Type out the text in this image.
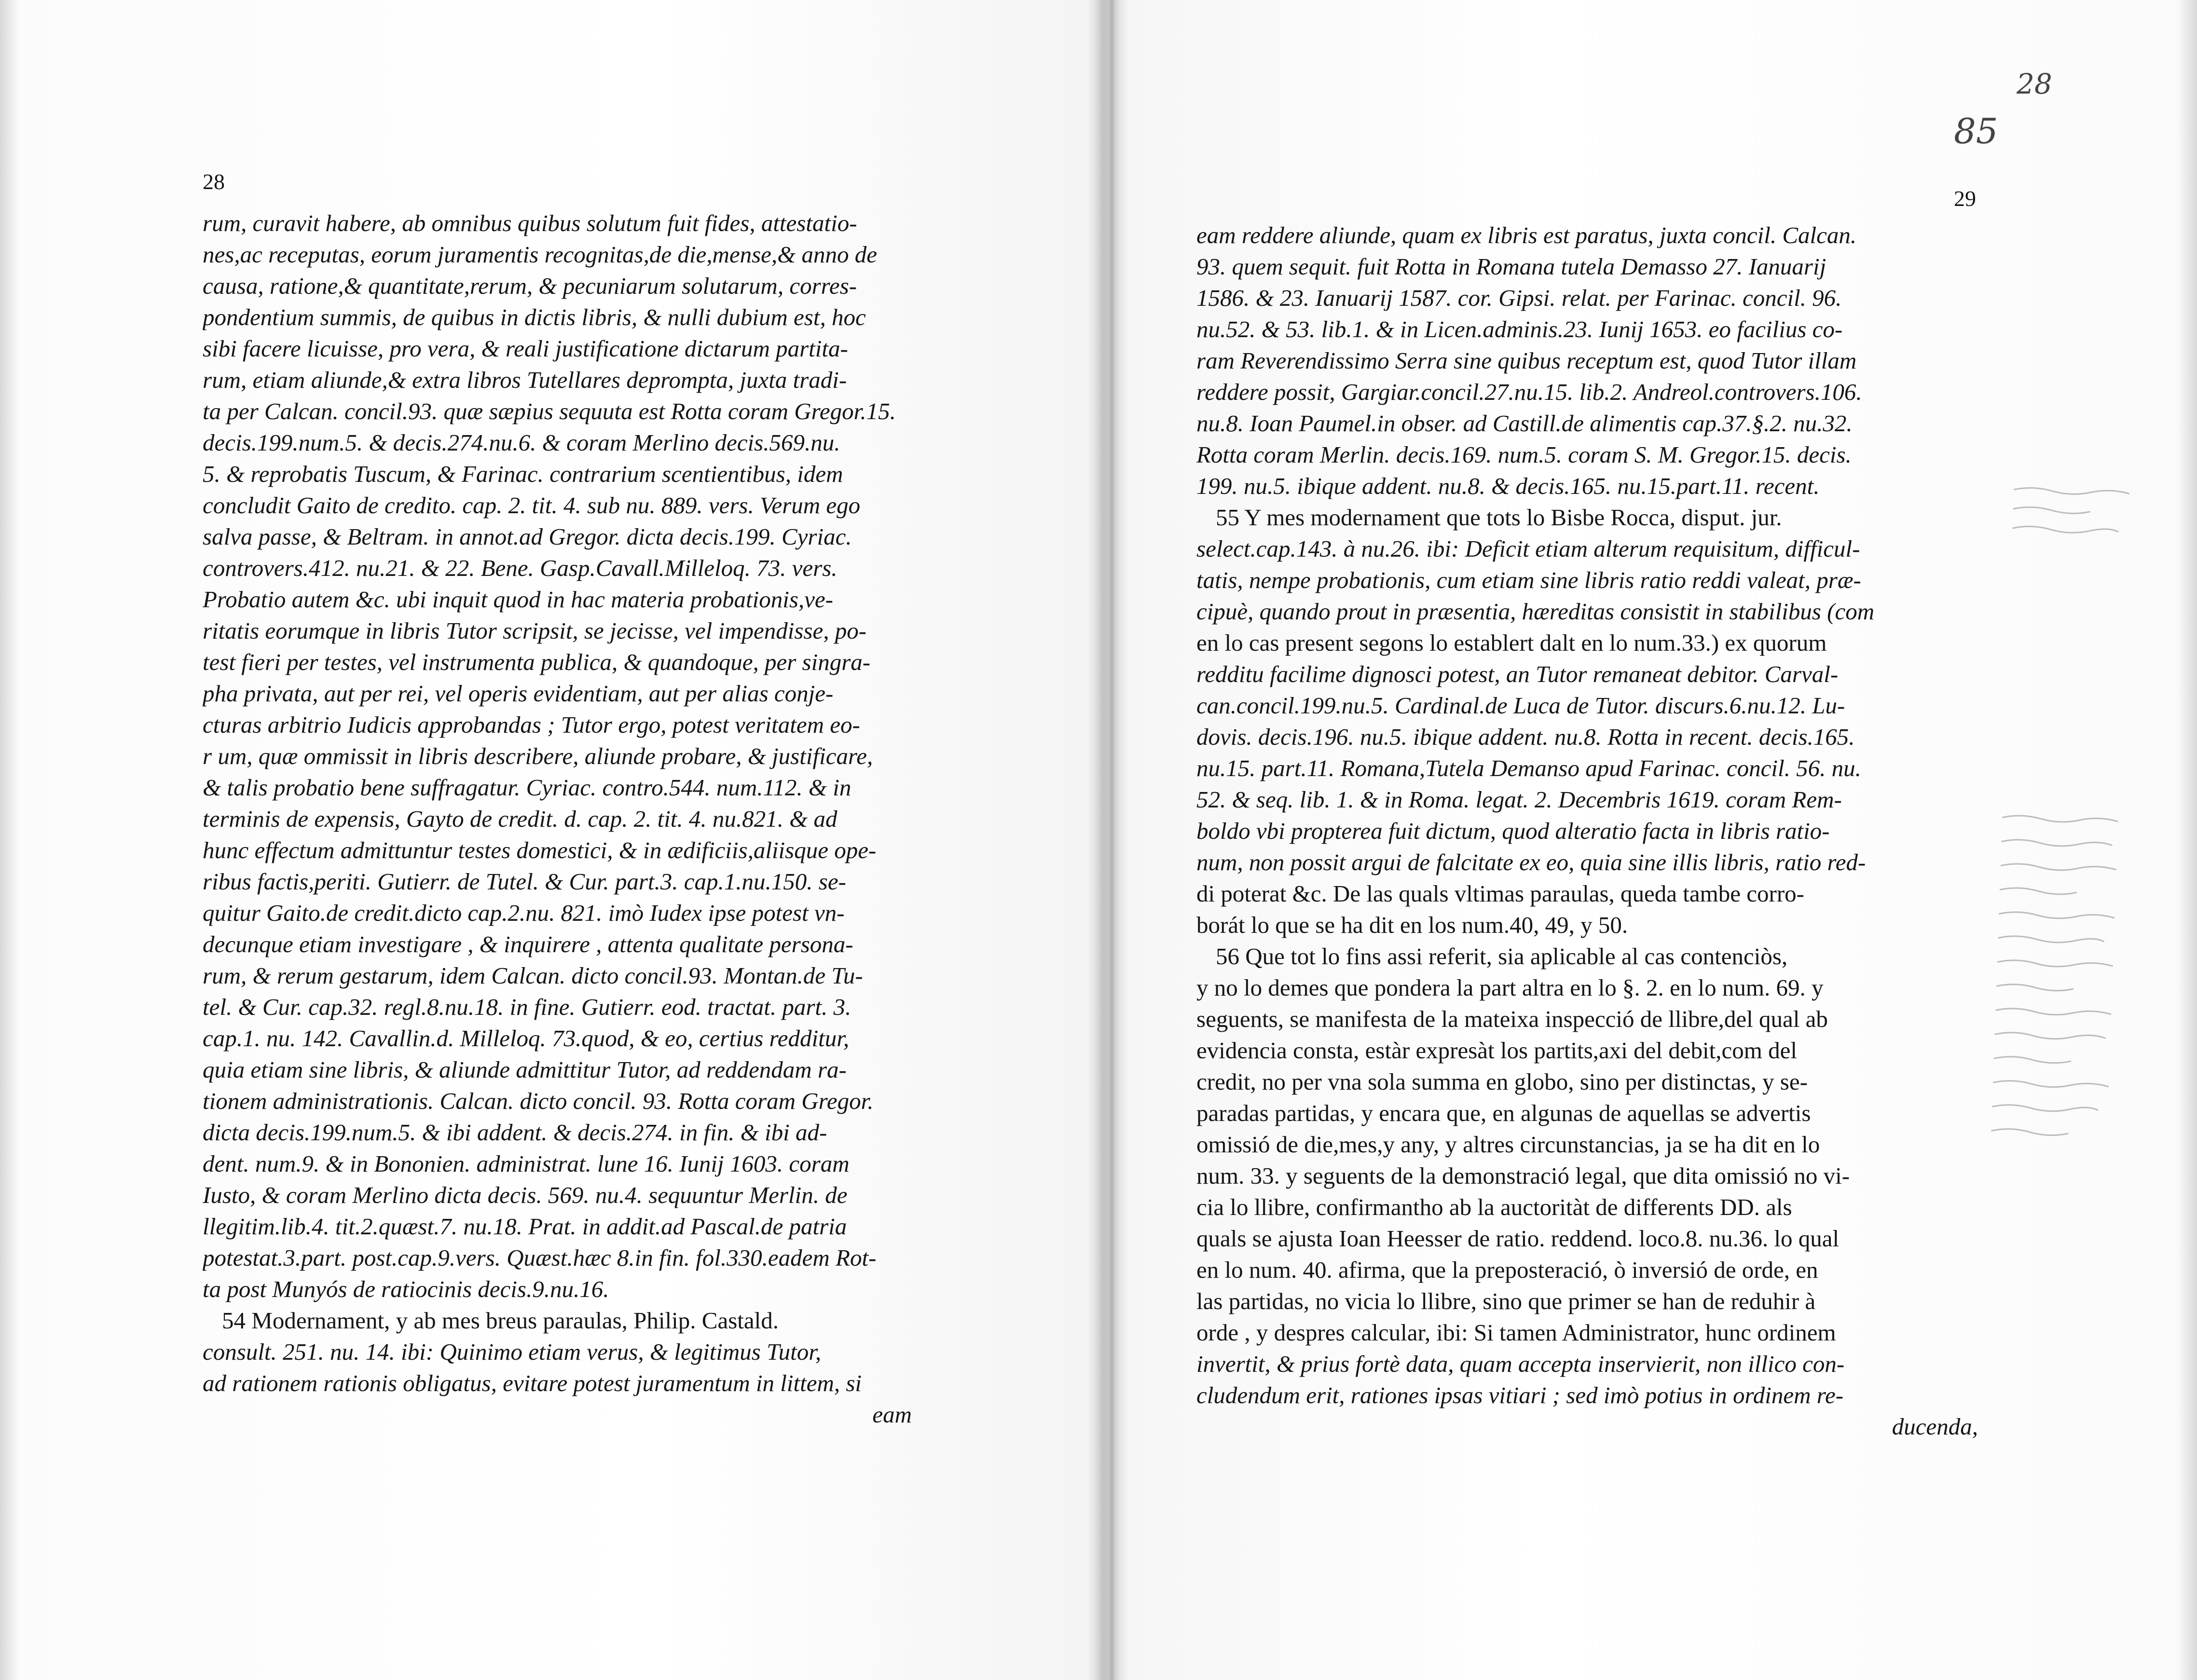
28
rum, curavit habere, ab omnibus quibus solutum fuit fides, attestatio-
nes,ac receputas, eorum juramentis recognitas,de die,mense,& anno de
causa, ratione,& quantitate,rerum, & pecuniarum solutarum, corres-
pondentium summis, de quibus in dictis libris, & nulli dubium est, hoc
sibi facere licuisse, pro vera, & reali justificatione dictarum partita-
rum, etiam aliunde,& extra libros Tutellares deprompta, juxta tradi-
ta per Calcan. concil.93. quæ sæpius sequuta est Rotta coram Gregor.15.
decis.199.num.5. & decis.274.nu.6. & coram Merlino decis.569.nu.
5. & reprobatis Tuscum, & Farinac. contrarium scentientibus, idem
concludit Gaito de credito. cap. 2. tit. 4. sub nu. 889. vers. Verum ego
salva passe, & Beltram. in annot.ad Gregor. dicta decis.199. Cyriac.
controvers.412. nu.21. & 22. Bene. Gasp.Cavall.Milleloq. 73. vers.
Probatio autem &c. ubi inquit quod in hac materia probationis,ve-
ritatis eorumque in libris Tutor scripsit, se jecisse, vel impendisse, po-
test fieri per testes, vel instrumenta publica, & quandoque, per singra-
pha privata, aut per rei, vel operis evidentiam, aut per alias conje-
cturas arbitrio Iudicis approbandas ; Tutor ergo, potest veritatem eo-
r um, quæ ommissit in libris describere, aliunde probare, & justificare,
& talis probatio bene suffragatur. Cyriac. contro.544. num.112. & in
terminis de expensis, Gayto de credit. d. cap. 2. tit. 4. nu.821. & ad
hunc effectum admittuntur testes domestici, & in ædificiis,aliisque ope-
ribus factis,periti. Gutierr. de Tutel. & Cur. part.3. cap.1.nu.150. se-
quitur Gaito.de credit.dicto cap.2.nu. 821. imò Iudex ipse potest vn-
decunque etiam investigare , & inquirere , attenta qualitate persona-
rum, & rerum gestarum, idem Calcan. dicto concil.93. Montan.de Tu-
tel. & Cur. cap.32. regl.8.nu.18. in fine. Gutierr. eod. tractat. part. 3.
cap.1. nu. 142. Cavallin.d. Milleloq. 73.quod, & eo, certius redditur,
quia etiam sine libris, & aliunde admittitur Tutor, ad reddendam ra-
tionem administrationis. Calcan. dicto concil. 93. Rotta coram Gregor.
dicta decis.199.num.5. & ibi addent. & decis.274. in fin. & ibi ad-
dent. num.9. & in Bononien. administrat. lune 16. Iunij 1603. coram
Iusto, & coram Merlino dicta decis. 569. nu.4. sequuntur Merlin. de
llegitim.lib.4. tit.2.quæst.7. nu.18. Prat. in addit.ad Pascal.de patria
potestat.3.part. post.cap.9.vers. Quæst.hæc 8.in fin. fol.330.eadem Rot-
ta post Munyós de ratiocinis decis.9.nu.16.
54 Modernament, y ab mes breus paraulas, Philip. Castald.
consult. 251. nu. 14. ibi: Quinimo etiam verus, & legitimus Tutor,
ad rationem rationis obligatus, evitare potest juramentum in littem, si
eam
28
85
29
eam reddere aliunde, quam ex libris est paratus, juxta concil. Calcan.
93. quem sequit. fuit Rotta in Romana tutela Demasso 27. Ianuarij
1586. & 23. Ianuarij 1587. cor. Gipsi. relat. per Farinac. concil. 96.
nu.52. & 53. lib.1. & in Licen.adminis.23. Iunij 1653. eo facilius co-
ram Reverendissimo Serra sine quibus receptum est, quod Tutor illam
reddere possit, Gargiar.concil.27.nu.15. lib.2. Andreol.controvers.106.
nu.8. Ioan Paumel.in obser. ad Castill.de alimentis cap.37.§.2. nu.32.
Rotta coram Merlin. decis.169. num.5. coram S. M. Gregor.15. decis.
199. nu.5. ibique addent. nu.8. & decis.165. nu.15.part.11. recent.
55 Y mes modernament que tots lo Bisbe Rocca, disput. jur.
select.cap.143. à nu.26. ibi: Deficit etiam alterum requisitum, difficul-
tatis, nempe probationis, cum etiam sine libris ratio reddi valeat, præ-
cipuè, quando prout in præsentia, hæreditas consistit in stabilibus (com
en lo cas present segons lo establert dalt en lo num.33.) ex quorum
redditu facilime dignosci potest, an Tutor remaneat debitor. Carval-
can.concil.199.nu.5. Cardinal.de Luca de Tutor. discurs.6.nu.12. Lu-
dovis. decis.196. nu.5. ibique addent. nu.8. Rotta in recent. decis.165.
nu.15. part.11. Romana,Tutela Demanso apud Farinac. concil. 56. nu.
52. & seq. lib. 1. & in Roma. legat. 2. Decembris 1619. coram Rem-
boldo vbi propterea fuit dictum, quod alteratio facta in libris ratio-
num, non possit argui de falcitate ex eo, quia sine illis libris, ratio red-
di poterat &c. De las quals vltimas paraulas, queda tambe corro-
borát lo que se ha dit en los num.40, 49, y 50.
56 Que tot lo fins assi referit, sia aplicable al cas contenciòs,
y no lo demes que pondera la part altra en lo §. 2. en lo num. 69. y
seguents, se manifesta de la mateixa inspecció de llibre,del qual ab
evidencia consta, estàr expresàt los partits,axi del debit,com del
credit, no per vna sola summa en globo, sino per distinctas, y se-
paradas partidas, y encara que, en algunas de aquellas se advertis
omissió de die,mes,y any, y altres circunstancias, ja se ha dit en lo
num. 33. y seguents de la demonstració legal, que dita omissió no vi-
cia lo llibre, confirmantho ab la auctoritàt de differents DD. als
quals se ajusta Ioan Heesser de ratio. reddend. loco.8. nu.36. lo qual
en lo num. 40. afirma, que la preposteració, ò inversió de orde, en
las partidas, no vicia lo llibre, sino que primer se han de reduhir à
orde , y despres calcular, ibi: Si tamen Administrator, hunc ordinem
invertit, & prius fortè data, quam accepta inservierit, non illico con-
cludendum erit, rationes ipsas vitiari ; sed imò potius in ordinem re-
ducenda,
